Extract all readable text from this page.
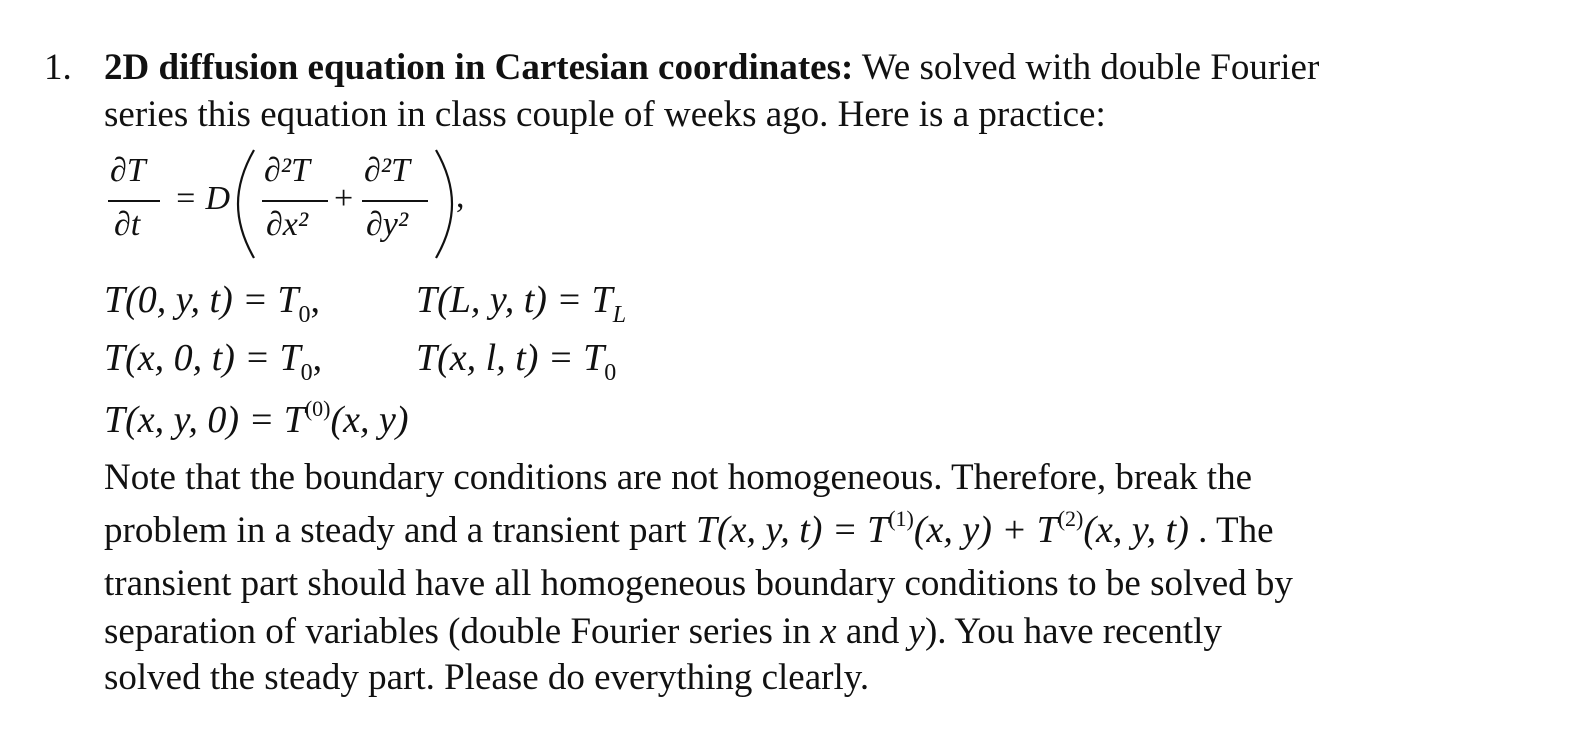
1. 2D diffusion equation in Cartesian coordinates: We solved with double Fourier
series this equation in class couple of weeks ago. Here is a practice:
∂T
∂t
= D
∂²T
∂x²
+
∂²T
∂y²
,
T(0, y, $t) = T_0$,	T(L, y, $t) = T_L$
T(x, 0, $t) = T_0$, T(x, l, $t) = T_0$
T(x, y, $0) = T^{(0)}(x$, y)
Note that the boundary conditions are not homogeneous. Therefore, break the
problem in a steady and a transient part T(x, y, $t) = T^{(1)}(x$, $y) + T^{(2)}(x$, y, t) . The
transient part should have all homogeneous boundary conditions to be solved by
separation of variables (double Fourier series in x and y). You have recently
solved the steady part. Please do everything clearly.
